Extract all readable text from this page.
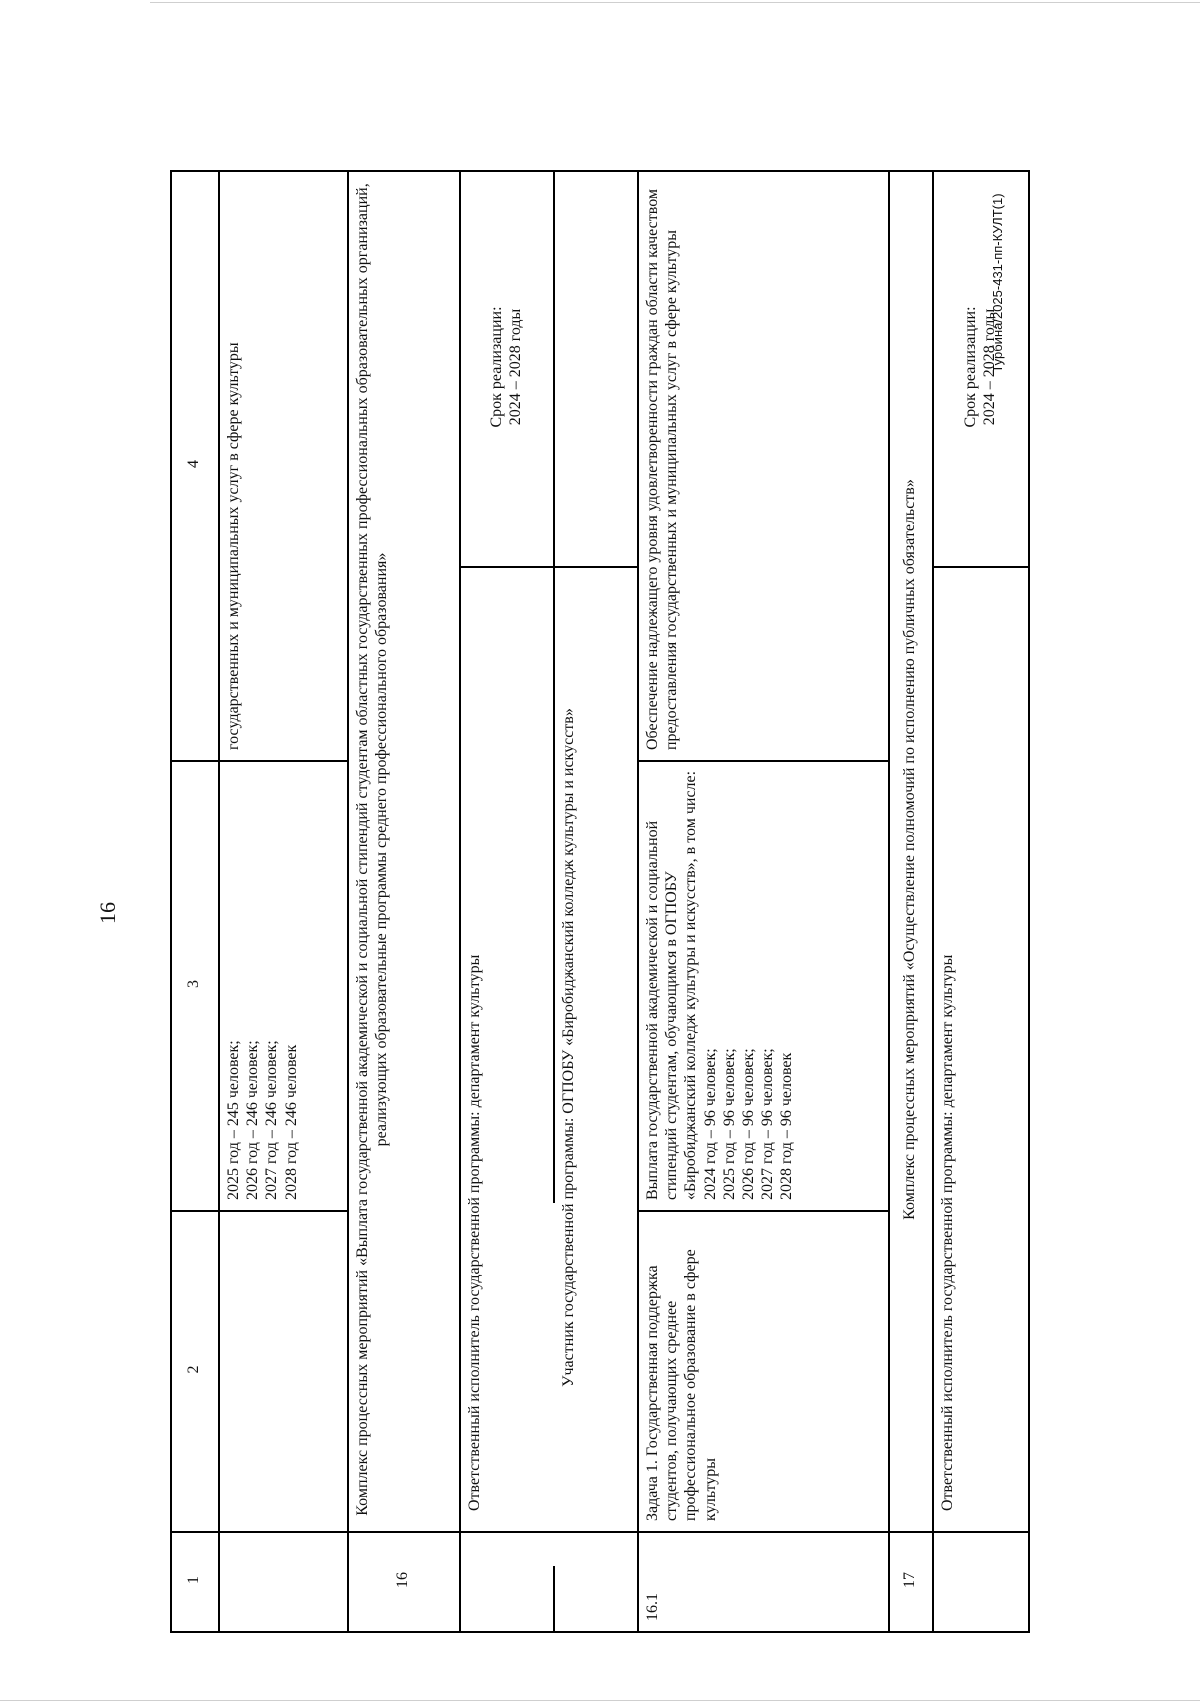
16
1
2
3
4
2025 год – 245 человек;
2026 год – 246 человек;
2027 год – 246 человек;
2028 год – 246 человек
государственных и муниципальных услуг в сфере культуры
16
Комплекс процессных мероприятий «Выплата государственной академической и социальной стипендий студентам областных государственных профессиональных образовательных организаций, реализующих образовательные программы среднего профессионального образования»
Ответственный исполнитель государственной программы: департамент культуры
Срок реализации:
2024 – 2028 годы
Участник государственной программы: ОГПОБУ «Биробиджанский колледж культуры и искусств»
16.1
Задача 1. Государственная поддержка студентов, получающих среднее профессиональное образование в сфере культуры
Выплата государственной академической и социальной стипендий студентам, обучающимся в ОГПОБУ «Биробиджанский колледж культуры и искусств», в том числе:
2024 год – 96 человек;
2025 год – 96 человек;
2026 год – 96 человек;
2027 год – 96 человек;
2028 год – 96 человек
Обеспечение надлежащего уровня удовлетворенности граждан области качеством предоставления государственных и муниципальных услуг в сфере культуры
17
Комплекс процессных мероприятий «Осуществление полномочий по исполнению публичных обязательств»
Ответственный исполнитель государственной программы: департамент культуры
Срок реализации:
2024 – 2028 годы
Турбина/2025-431-пп-КУЛТ(1)
